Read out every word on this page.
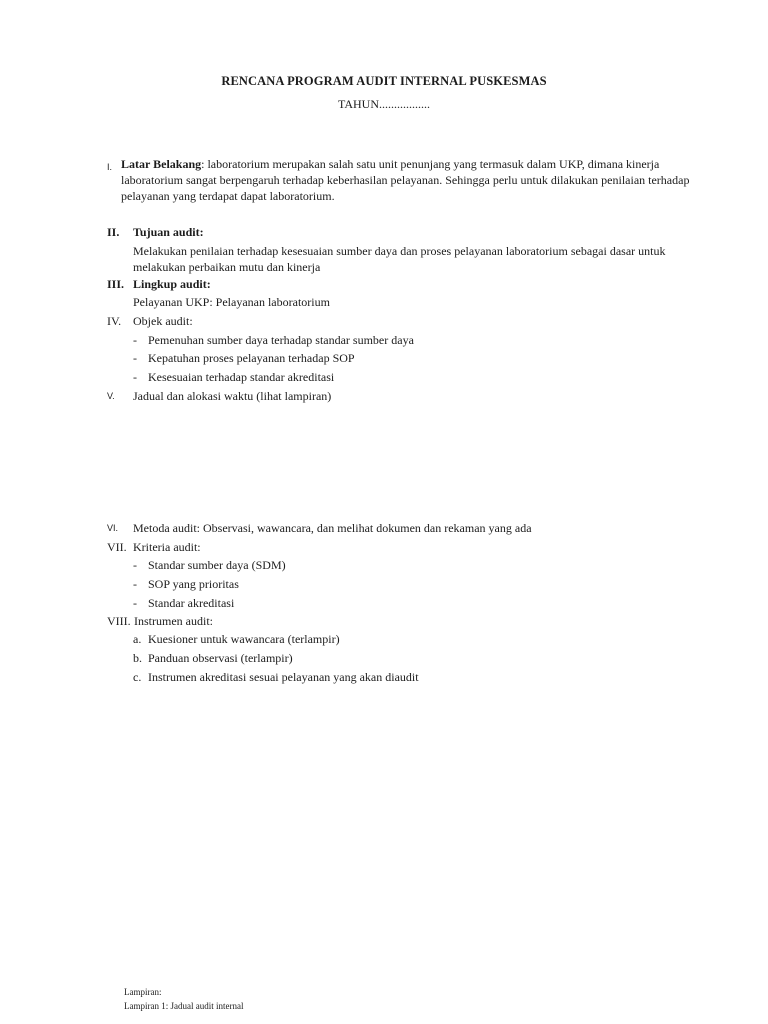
RENCANA PROGRAM AUDIT INTERNAL PUSKESMAS
TAHUN.................
I. Latar Belakang: laboratorium merupakan salah satu unit penunjang yang termasuk dalam UKP, dimana kinerja laboratorium sangat berpengaruh terhadap keberhasilan pelayanan. Sehingga perlu untuk dilakukan penilaian terhadap pelayanan yang terdapat dapat laboratorium.
II. Tujuan audit:
Melakukan penilaian terhadap kesesuaian sumber daya dan proses pelayanan laboratorium sebagai dasar untuk melakukan perbaikan mutu dan kinerja
III. Lingkup audit:
Pelayanan UKP: Pelayanan laboratorium
IV. Objek audit:
- Pemenuhan sumber daya terhadap standar sumber daya
- Kepatuhan proses pelayanan terhadap SOP
- Kesesuaian terhadap standar akreditasi
V. Jadual dan alokasi waktu (lihat lampiran)
VI. Metoda audit: Observasi, wawancara, dan melihat dokumen dan rekaman yang ada
VII. Kriteria audit:
- Standar sumber daya (SDM)
- SOP yang prioritas
- Standar akreditasi
VIII. Instrumen audit:
a. Kuesioner untuk wawancara (terlampir)
b. Panduan observasi (terlampir)
c. Instrumen akreditasi sesuai pelayanan yang akan diaudit
Lampiran:
Lampiran 1: Jadual audit internal
